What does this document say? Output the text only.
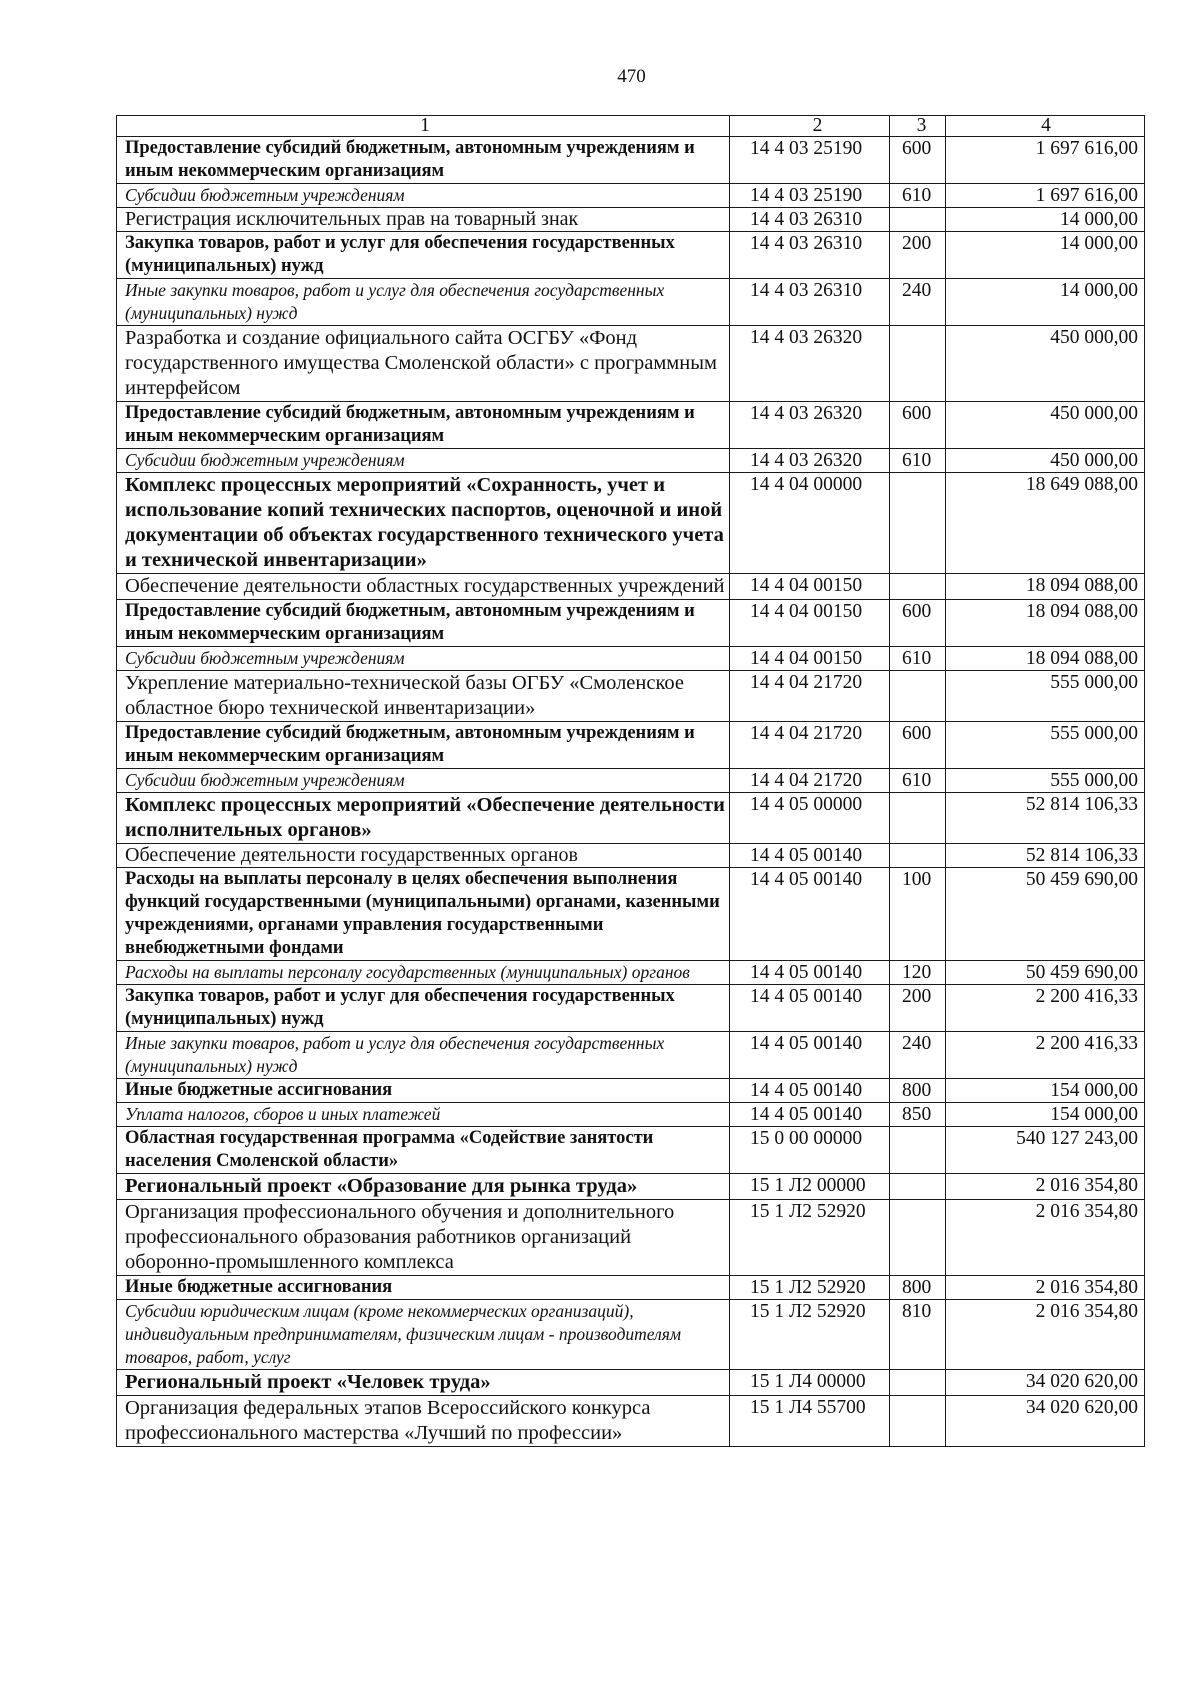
470
1	2	3	4
Предоставление субсидий бюджетным, автономным учреждениям и иным некоммерческим организациям	14 4 03 25190	600	1 697 616,00
Субсидии бюджетным учреждениям	14 4 03 25190	610	1 697 616,00
Регистрация исключительных прав на товарный знак	14 4 03 26310		14 000,00
Закупка товаров, работ и услуг для обеспечения государственных (муниципальных) нужд	14 4 03 26310	200	14 000,00
Иные закупки товаров, работ и услуг для обеспечения государственных (муниципальных) нужд	14 4 03 26310	240	14 000,00
Разработка и создание официального сайта ОСГБУ «Фонд государственного имущества Смоленской области» с программным интерфейсом	14 4 03 26320		450 000,00
Предоставление субсидий бюджетным, автономным учреждениям и иным некоммерческим организациям	14 4 03 26320	600	450 000,00
Субсидии бюджетным учреждениям	14 4 03 26320	610	450 000,00
Комплекс процессных мероприятий «Сохранность, учет и использование копий технических паспортов, оценочной и иной документации об объектах государственного технического учета и технической инвентаризации»	14 4 04 00000		18 649 088,00
Обеспечение деятельности областных государственных учреждений	14 4 04 00150		18 094 088,00
Предоставление субсидий бюджетным, автономным учреждениям и иным некоммерческим организациям	14 4 04 00150	600	18 094 088,00
Субсидии бюджетным учреждениям	14 4 04 00150	610	18 094 088,00
Укрепление материально-технической базы ОГБУ «Смоленское областное бюро технической инвентаризации»	14 4 04 21720		555 000,00
Предоставление субсидий бюджетным, автономным учреждениям и иным некоммерческим организациям	14 4 04 21720	600	555 000,00
Субсидии бюджетным учреждениям	14 4 04 21720	610	555 000,00
Комплекс процессных мероприятий «Обеспечение деятельности исполнительных органов»	14 4 05 00000		52 814 106,33
Обеспечение деятельности государственных органов	14 4 05 00140		52 814 106,33
Расходы на выплаты персоналу в целях обеспечения выполнения функций государственными (муниципальными) органами, казенными учреждениями, органами управления государственными внебюджетными фондами	14 4 05 00140	100	50 459 690,00
Расходы на выплаты персоналу государственных (муниципальных) органов	14 4 05 00140	120	50 459 690,00
Закупка товаров, работ и услуг для обеспечения государственных (муниципальных) нужд	14 4 05 00140	200	2 200 416,33
Иные закупки товаров, работ и услуг для обеспечения государственных (муниципальных) нужд	14 4 05 00140	240	2 200 416,33
Иные бюджетные ассигнования	14 4 05 00140	800	154 000,00
Уплата налогов, сборов и иных платежей	14 4 05 00140	850	154 000,00
Областная государственная программа «Содействие занятости населения Смоленской области»	15 0 00 00000		540 127 243,00
Региональный проект «Образование для рынка труда»	15 1 Л2 00000		2 016 354,80
Организация профессионального обучения и дополнительного профессионального образования работников организаций оборонно-промышленного комплекса	15 1 Л2 52920		2 016 354,80
Иные бюджетные ассигнования	15 1 Л2 52920	800	2 016 354,80
Субсидии юридическим лицам (кроме некоммерческих организаций), индивидуальным предпринимателям, физическим лицам - производителям товаров, работ, услуг	15 1 Л2 52920	810	2 016 354,80
Региональный проект «Человек труда»	15 1 Л4 00000		34 020 620,00
Организация федеральных этапов Всероссийского конкурса профессионального мастерства «Лучший по профессии»	15 1 Л4 55700		34 020 620,00
